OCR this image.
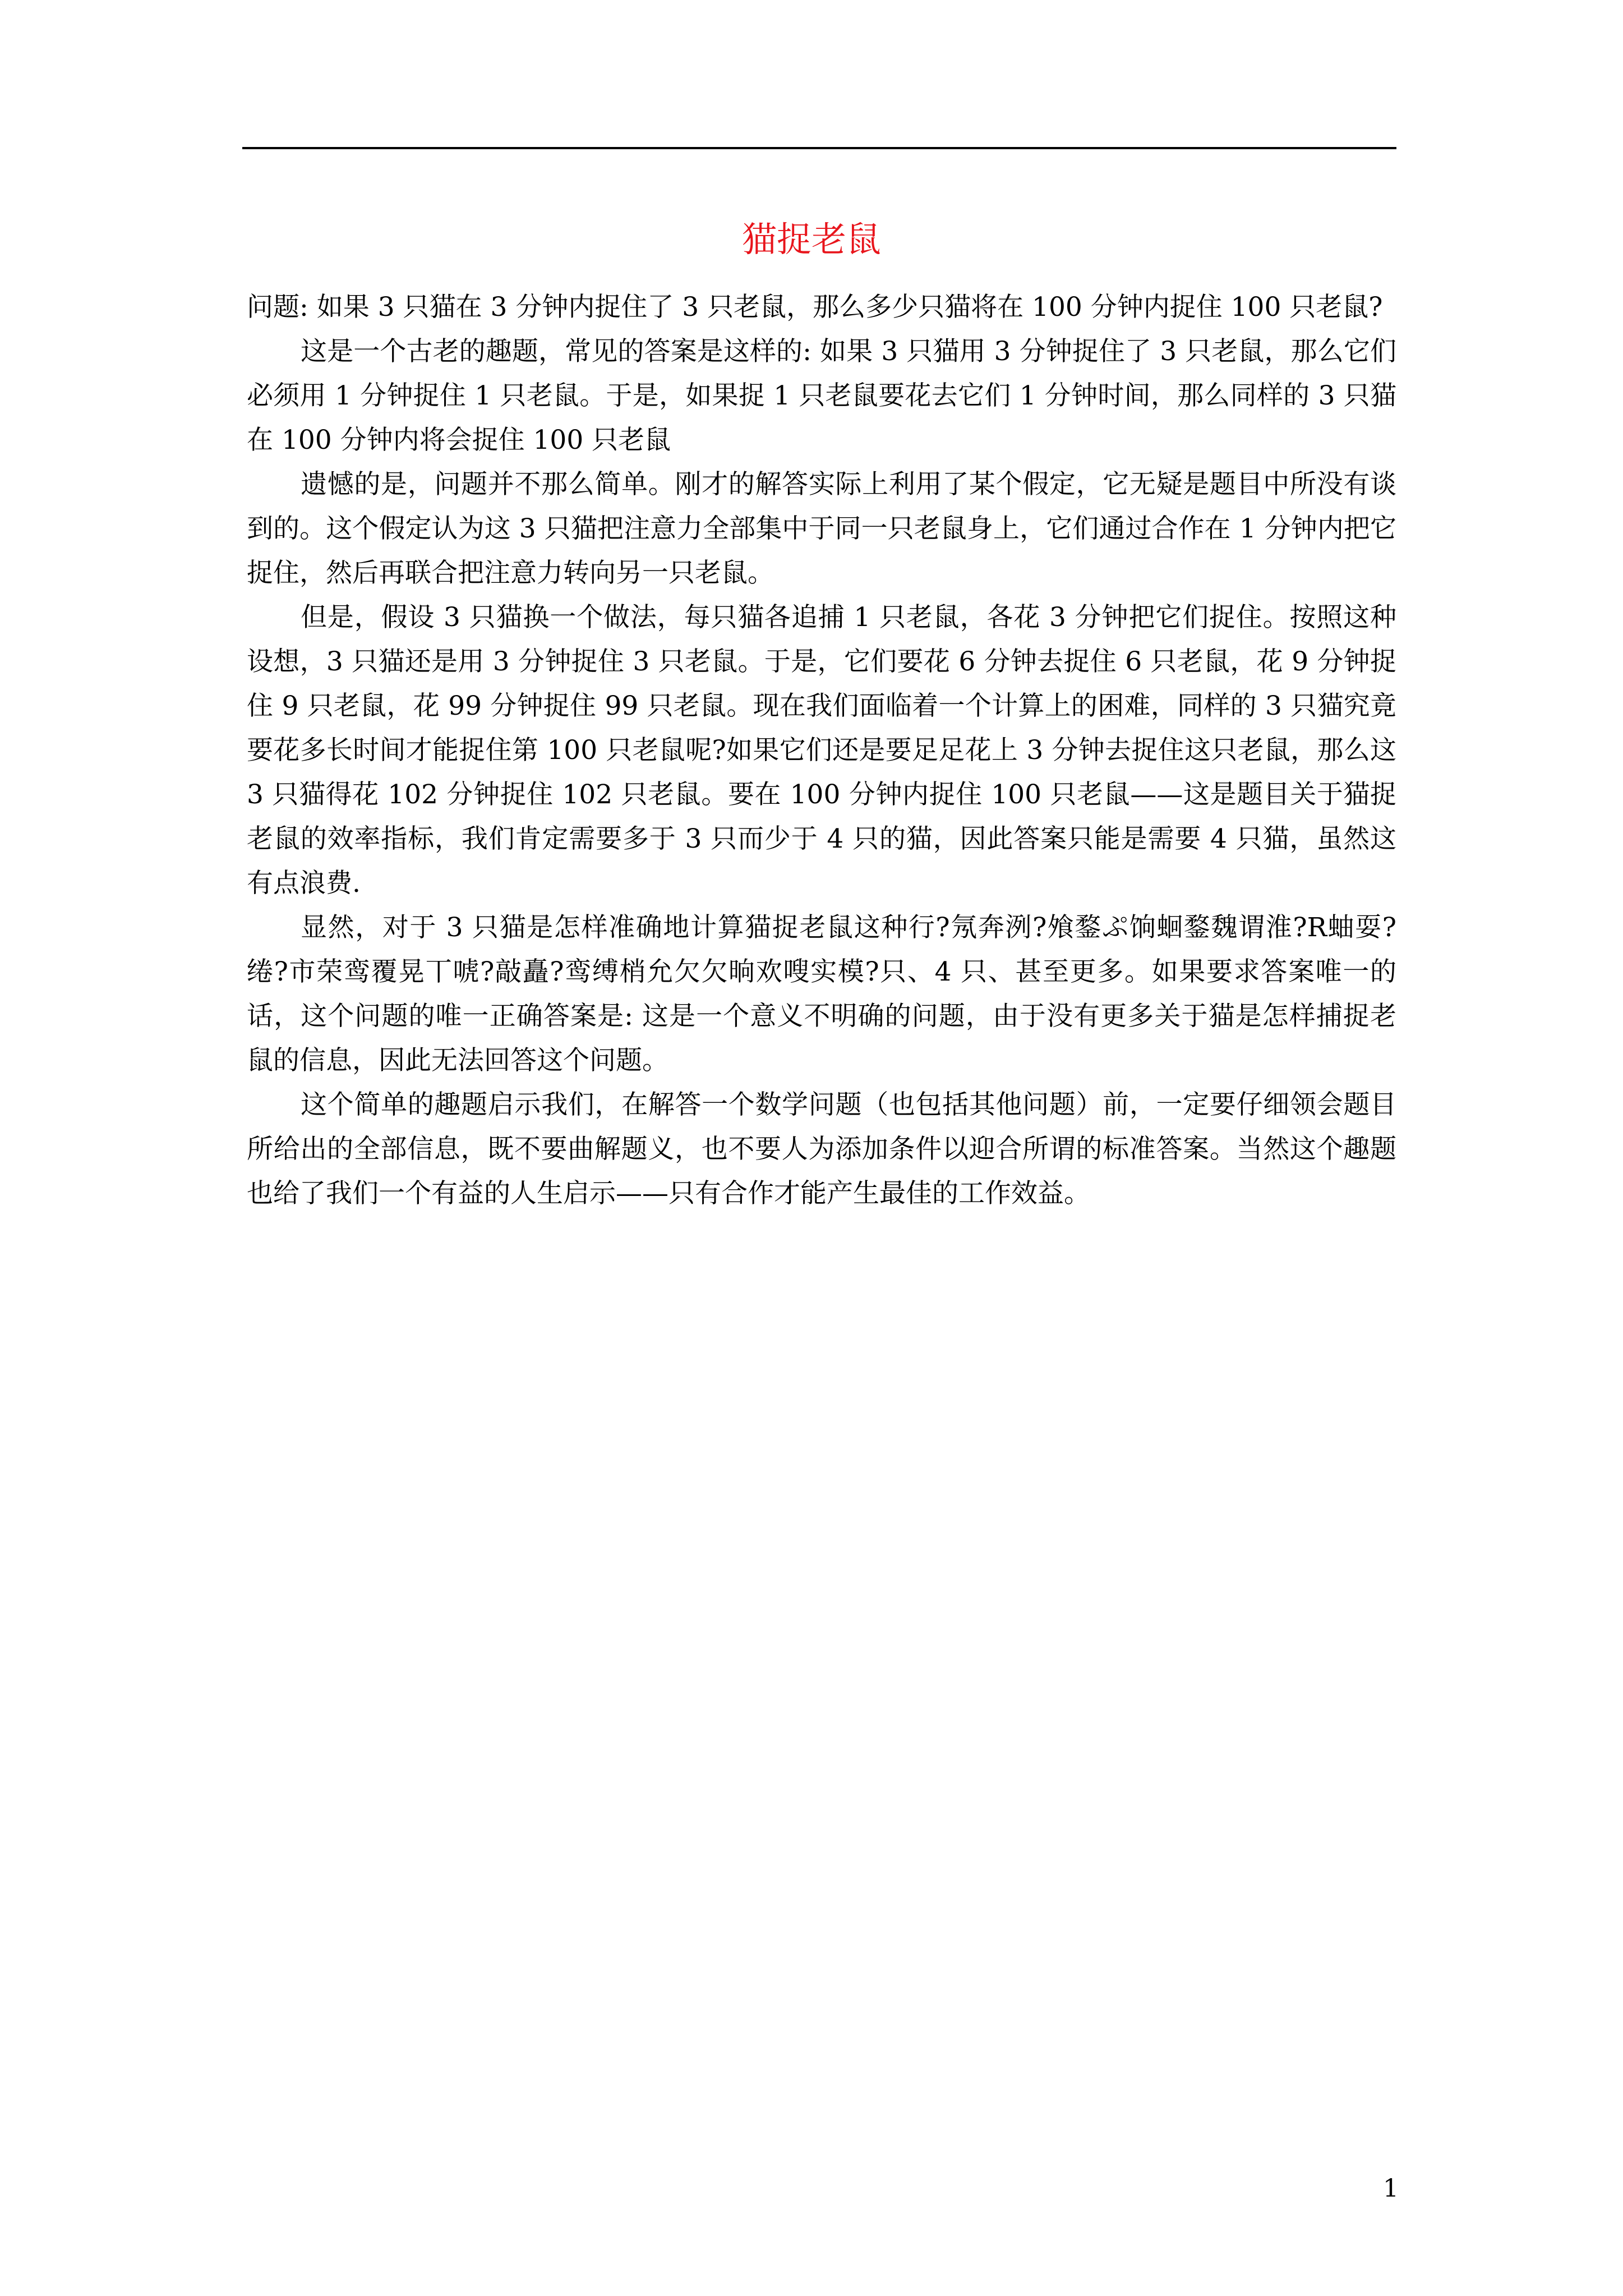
猫捉老鼠

问题: 如果 3 只猫在 3 分钟内捉住了 3 只老鼠，那么多少只猫将在 100 分钟内捉住 100 只老鼠?

这是一个古老的趣题，常见的答案是这样的: 如果 3 只猫用 3 分钟捉住了 3 只老鼠，那么它们必须用 1 分钟捉住 1 只老鼠。于是，如果捉 1 只老鼠要花去它们 1 分钟时间，那么同样的 3 只猫在 100 分钟内将会捉住 100 只老鼠

遗憾的是，问题并不那么简单。刚才的解答实际上利用了某个假定，它无疑是题目中所没有谈到的。这个假定认为这 3 只猫把注意力全部集中于同一只老鼠身上，它们通过合作在 1 分钟内把它捉住，然后再联合把注意力转向另一只老鼠。

但是，假设 3 只猫换一个做法，每只猫各追捕 1 只老鼠，各花 3 分钟把它们捉住。按照这种设想，3 只猫还是用 3 分钟捉住 3 只老鼠。于是，它们要花 6 分钟去捉住 6 只老鼠，花 9 分钟捉住 9 只老鼠，花 99 分钟捉住 99 只老鼠。现在我们面临着一个计算上的困难，同样的 3 只猫究竟要花多长时间才能捉住第 100 只老鼠呢?如果它们还是要足足花上 3 分钟去捉住这只老鼠，那么这 3 只猫得花 102 分钟捉住 102 只老鼠。要在 100 分钟内捉住 100 只老鼠——这是题目关于猫捉老鼠的效率指标，我们肯定需要多于 3 只而少于 4 只的猫，因此答案只能是需要 4 只猫，虽然这有点浪费.

显然，对于 3 只猫是怎样准确地计算猫捉老鼠这种行?氖奔洌?飧鍪ぷ饷蛔鍪魏谓淮?R蚰耍?绻?市荣鸾覆晃丅唬?敲矗?鸾缚梢允欠欠晌欢嗖实模?只、4 只、甚至更多。如果要求答案唯一的话，这个问题的唯一正确答案是: 这是一个意义不明确的问题，由于没有更多关于猫是怎样捕捉老鼠的信息，因此无法回答这个问题。

这个简单的趣题启示我们，在解答一个数学问题（也包括其他问题）前，一定要仔细领会题目所给出的全部信息，既不要曲解题义，也不要人为添加条件以迎合所谓的标准答案。当然这个趣题也给了我们一个有益的人生启示——只有合作才能产生最佳的工作效益。

1
